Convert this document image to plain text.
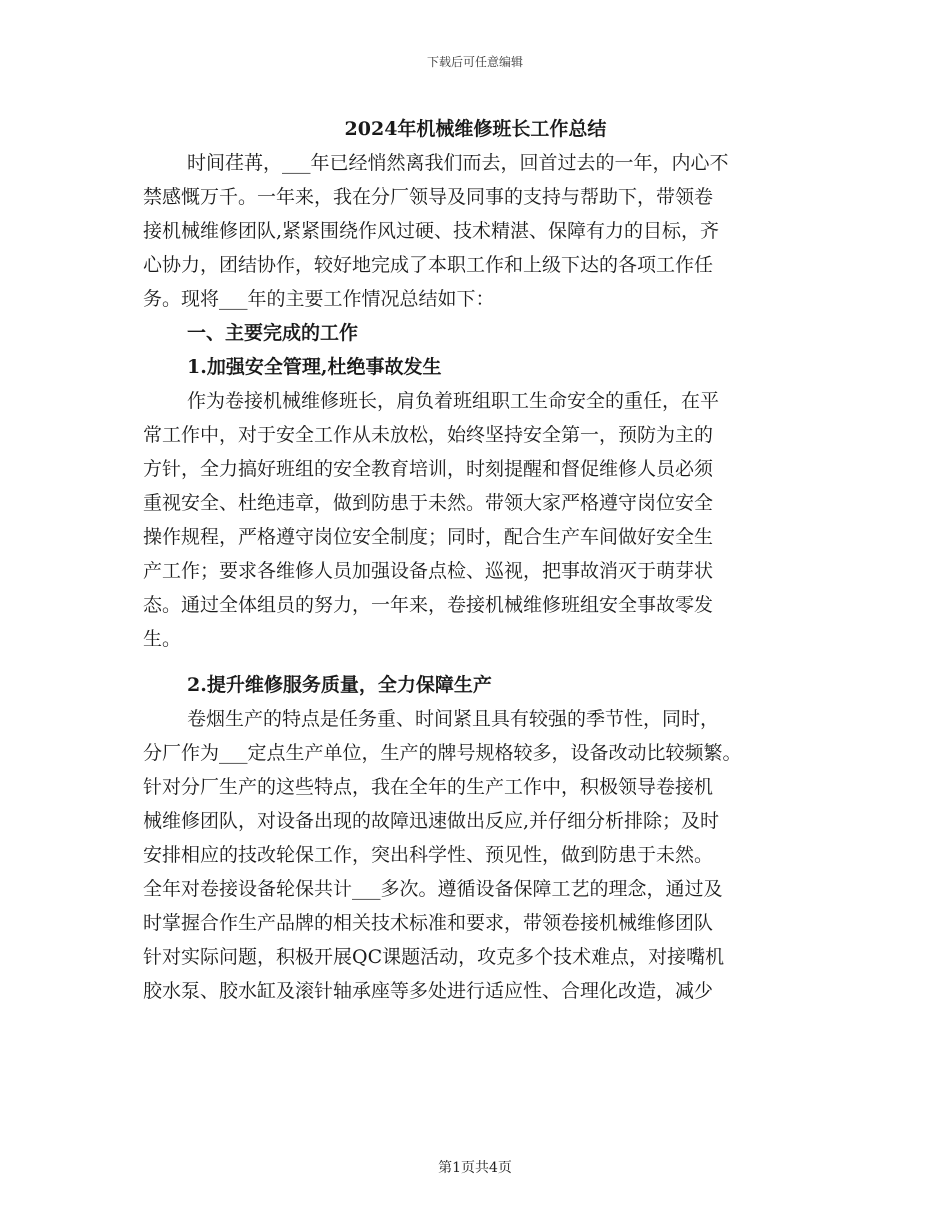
下载后可任意编辑
2024年机械维修班长工作总结
时间荏苒，___年已经悄然离我们而去，回首过去的一年，内心不
禁感慨万千。一年来，我在分厂领导及同事的支持与帮助下，带领卷
接机械维修团队,紧紧围绕作风过硬、技术精湛、保障有力的目标，齐
心协力，团结协作，较好地完成了本职工作和上级下达的各项工作任
务。现将___年的主要工作情况总结如下：
一、主要完成的工作
1.加强安全管理,杜绝事故发生
作为卷接机械维修班长，肩负着班组职工生命安全的重任，在平
常工作中，对于安全工作从未放松，始终坚持安全第一，预防为主的
方针，全力搞好班组的安全教育培训，时刻提醒和督促维修人员必须
重视安全、杜绝违章，做到防患于未然。带领大家严格遵守岗位安全
操作规程，严格遵守岗位安全制度；同时，配合生产车间做好安全生
产工作；要求各维修人员加强设备点检、巡视，把事故消灭于萌芽状
态。通过全体组员的努力，一年来，卷接机械维修班组安全事故零发
生。
2.提升维修服务质量，全力保障生产
卷烟生产的特点是任务重、时间紧且具有较强的季节性，同时，
分厂作为___定点生产单位，生产的牌号规格较多，设备改动比较频繁。
针对分厂生产的这些特点，我在全年的生产工作中，积极领导卷接机
械维修团队，对设备出现的故障迅速做出反应,并仔细分析排除；及时
安排相应的技改轮保工作，突出科学性、预见性，做到防患于未然。
全年对卷接设备轮保共计___多次。遵循设备保障工艺的理念，通过及
时掌握合作生产品牌的相关技术标准和要求，带领卷接机械维修团队
针对实际问题，积极开展QC课题活动，攻克多个技术难点，对接嘴机
胶水泵、胶水缸及滚针轴承座等多处进行适应性、合理化改造，减少
第1页共4页
